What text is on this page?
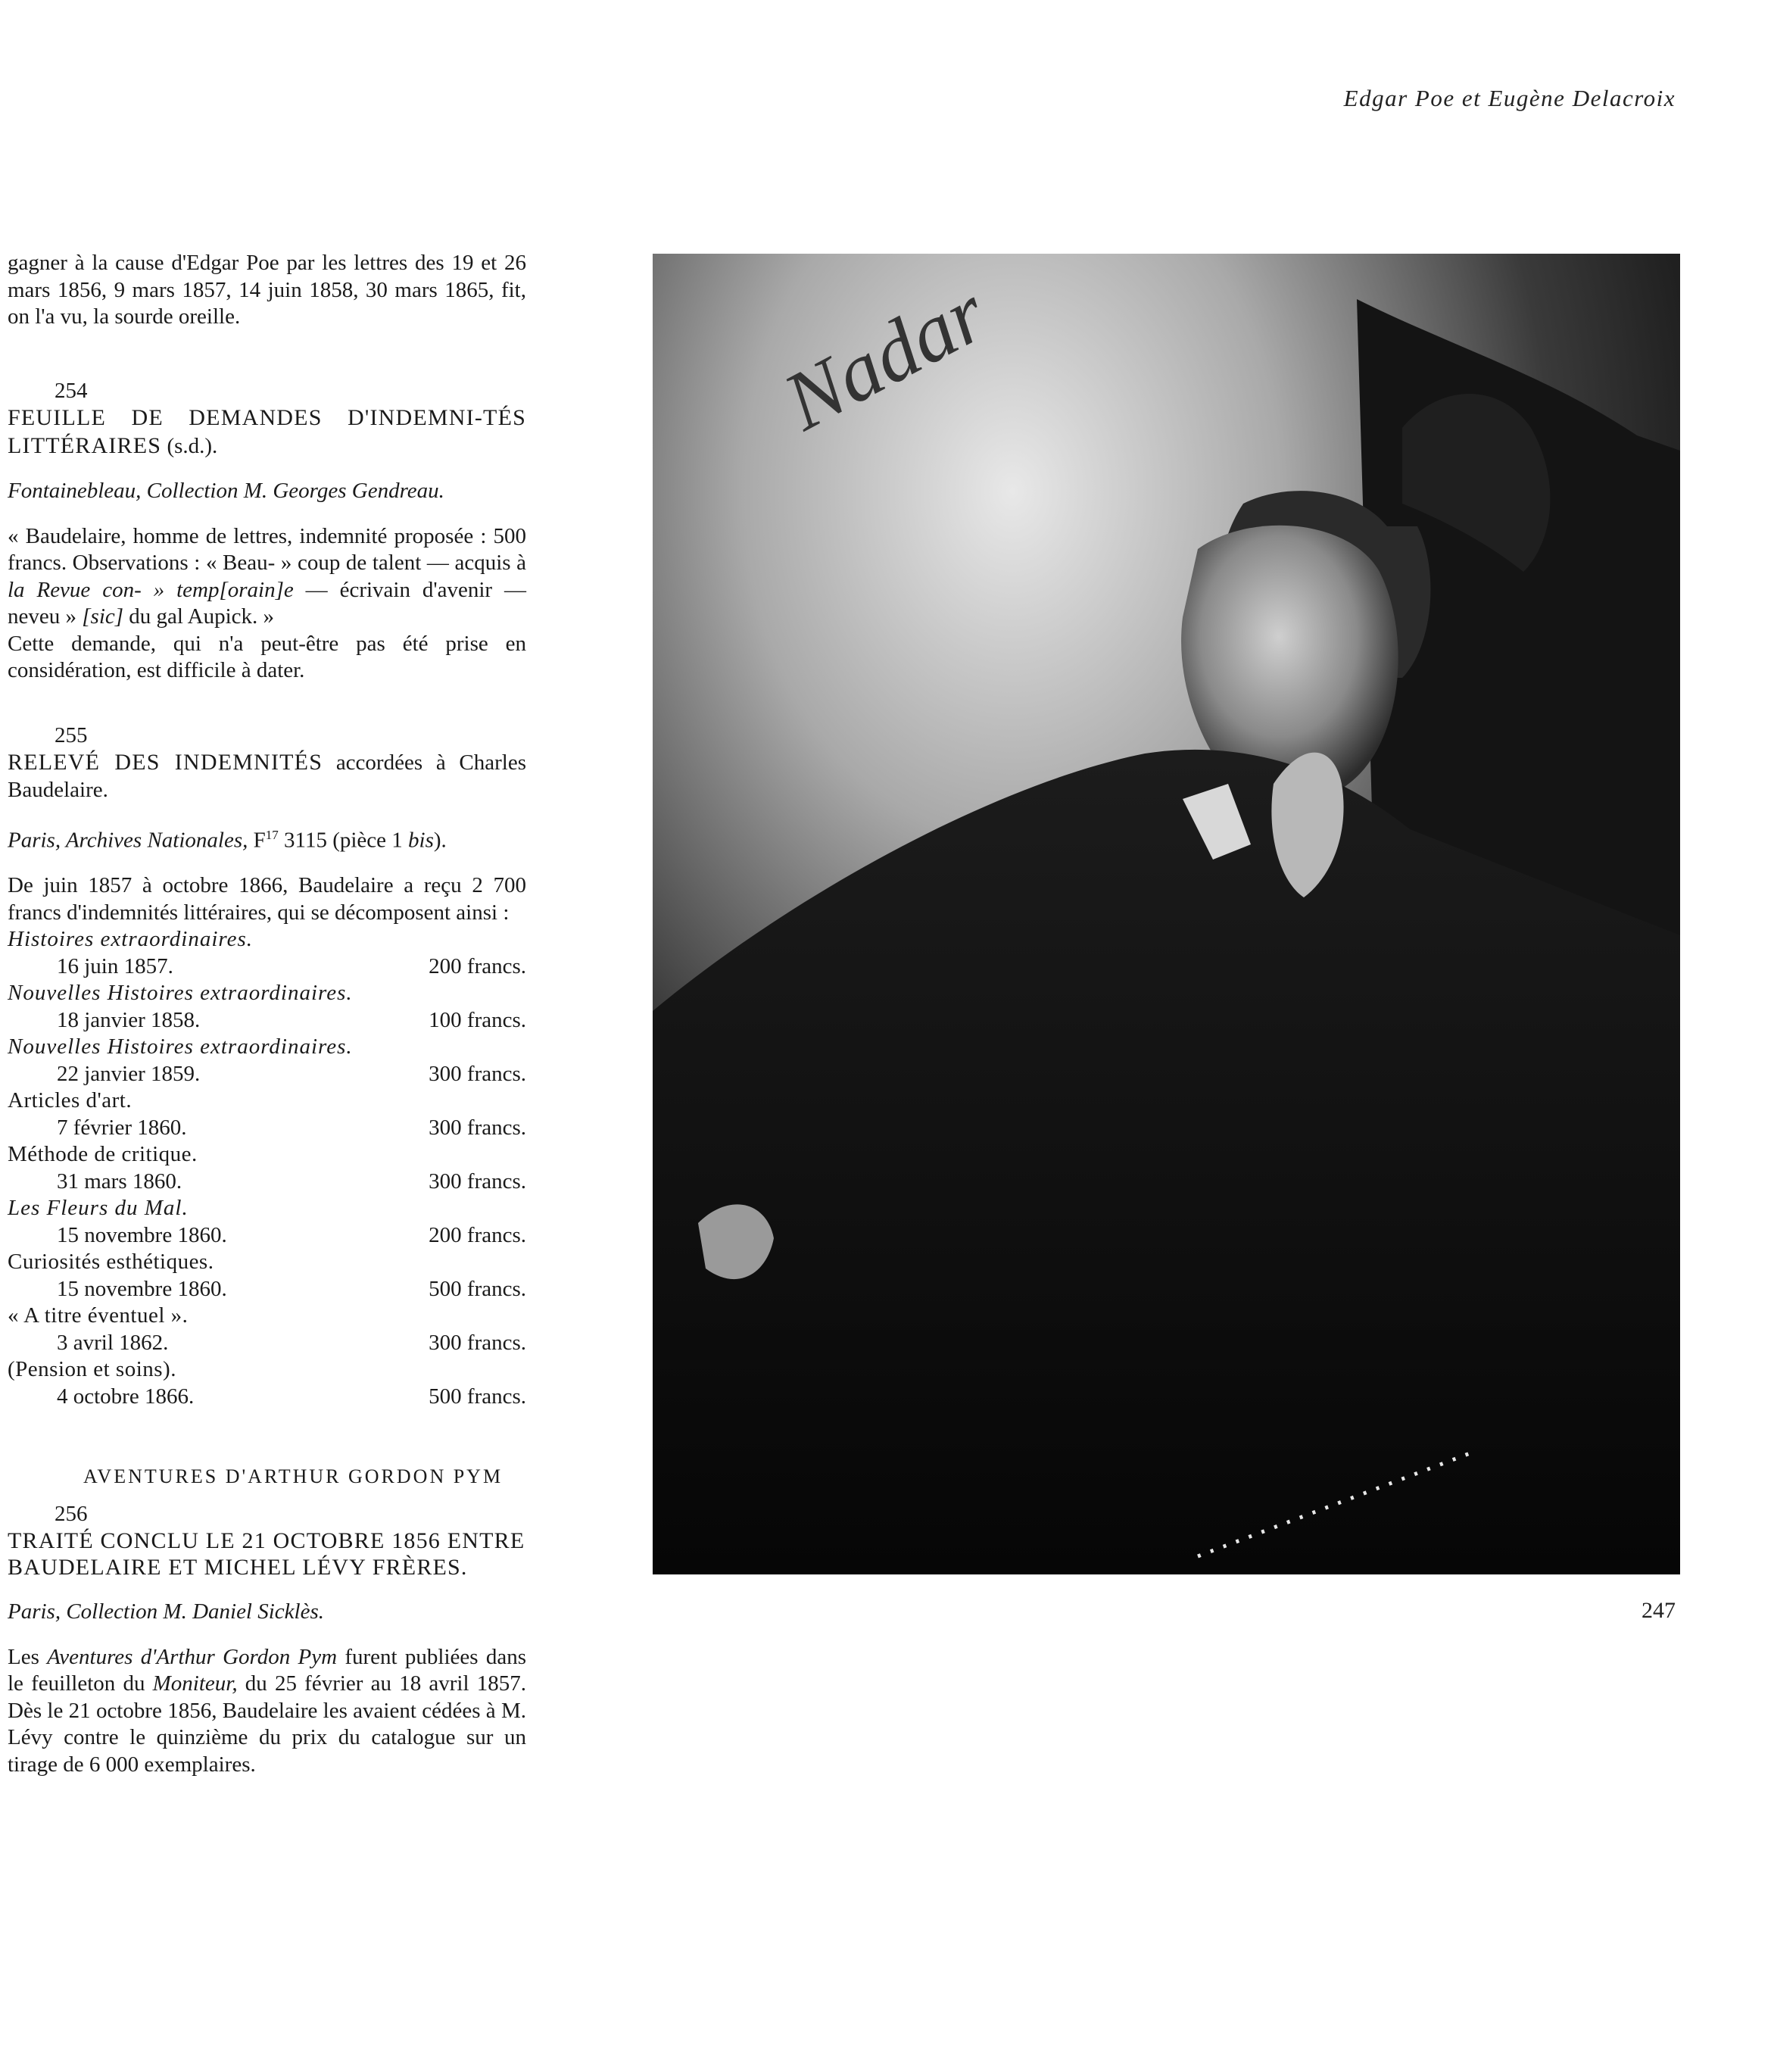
Edgar Poe et Eugène Delacroix

gagner à la cause d'Edgar Poe par les lettres des 19 et 26 mars 1856, 9 mars 1857, 14 juin 1858, 30 mars 1865, fit, on l'a vu, la sourde oreille.

254

FEUILLE DE DEMANDES D'INDEMNI-TÉS LITTÉRAIRES (s.d.).

Fontainebleau, Collection M. Georges Gendreau.

« Baudelaire, homme de lettres, indemnité proposée : 500 francs. Observations : « Beau- » coup de talent — acquis à la Revue con- » temp[orain]e — écrivain d'avenir — neveu » [sic] du gal Aupick. »

Cette demande, qui n'a peut-être pas été prise en considération, est difficile à dater.

255

RELEVÉ DES INDEMNITÉS accordées à Charles Baudelaire.

Paris, Archives Nationales, $F^{17}$ 3115 (pièce 1 bis).

De juin 1857 à octobre 1866, Baudelaire a reçu 2 700 francs d'indemnités littéraires, qui se décomposent ainsi :

Histoires extraordinaires.
16 juin 1857.	200 francs.
Nouvelles Histoires extraordinaires.
18 janvier 1858.	100 francs.
Nouvelles Histoires extraordinaires.
22 janvier 1859.	300 francs.
Articles d'art.
7 février 1860.	300 francs.
Méthode de critique.
31 mars 1860.	300 francs.
Les Fleurs du Mal.
15 novembre 1860.	200 francs.
Curiosités esthétiques.
15 novembre 1860.	500 francs.
« A titre éventuel ».
3 avril 1862.	300 francs.
(Pension et soins).
4 octobre 1866.	500 francs.
AVENTURES D'ARTHUR GORDON PYM
256

TRAITÉ CONCLU LE 21 OCTOBRE 1856 ENTRE BAUDELAIRE ET MICHEL LÉVY FRÈRES.

Paris, Collection M. Daniel Sicklès.

Les Aventures d'Arthur Gordon Pym furent publiées dans le feuilleton du Moniteur, du 25 février au 18 avril 1857. Dès le 21 octobre 1856, Baudelaire les avaient cédées à M. Lévy contre le quinzième du prix du catalogue sur un tirage de 6 000 exemplaires.

Nadar
247
